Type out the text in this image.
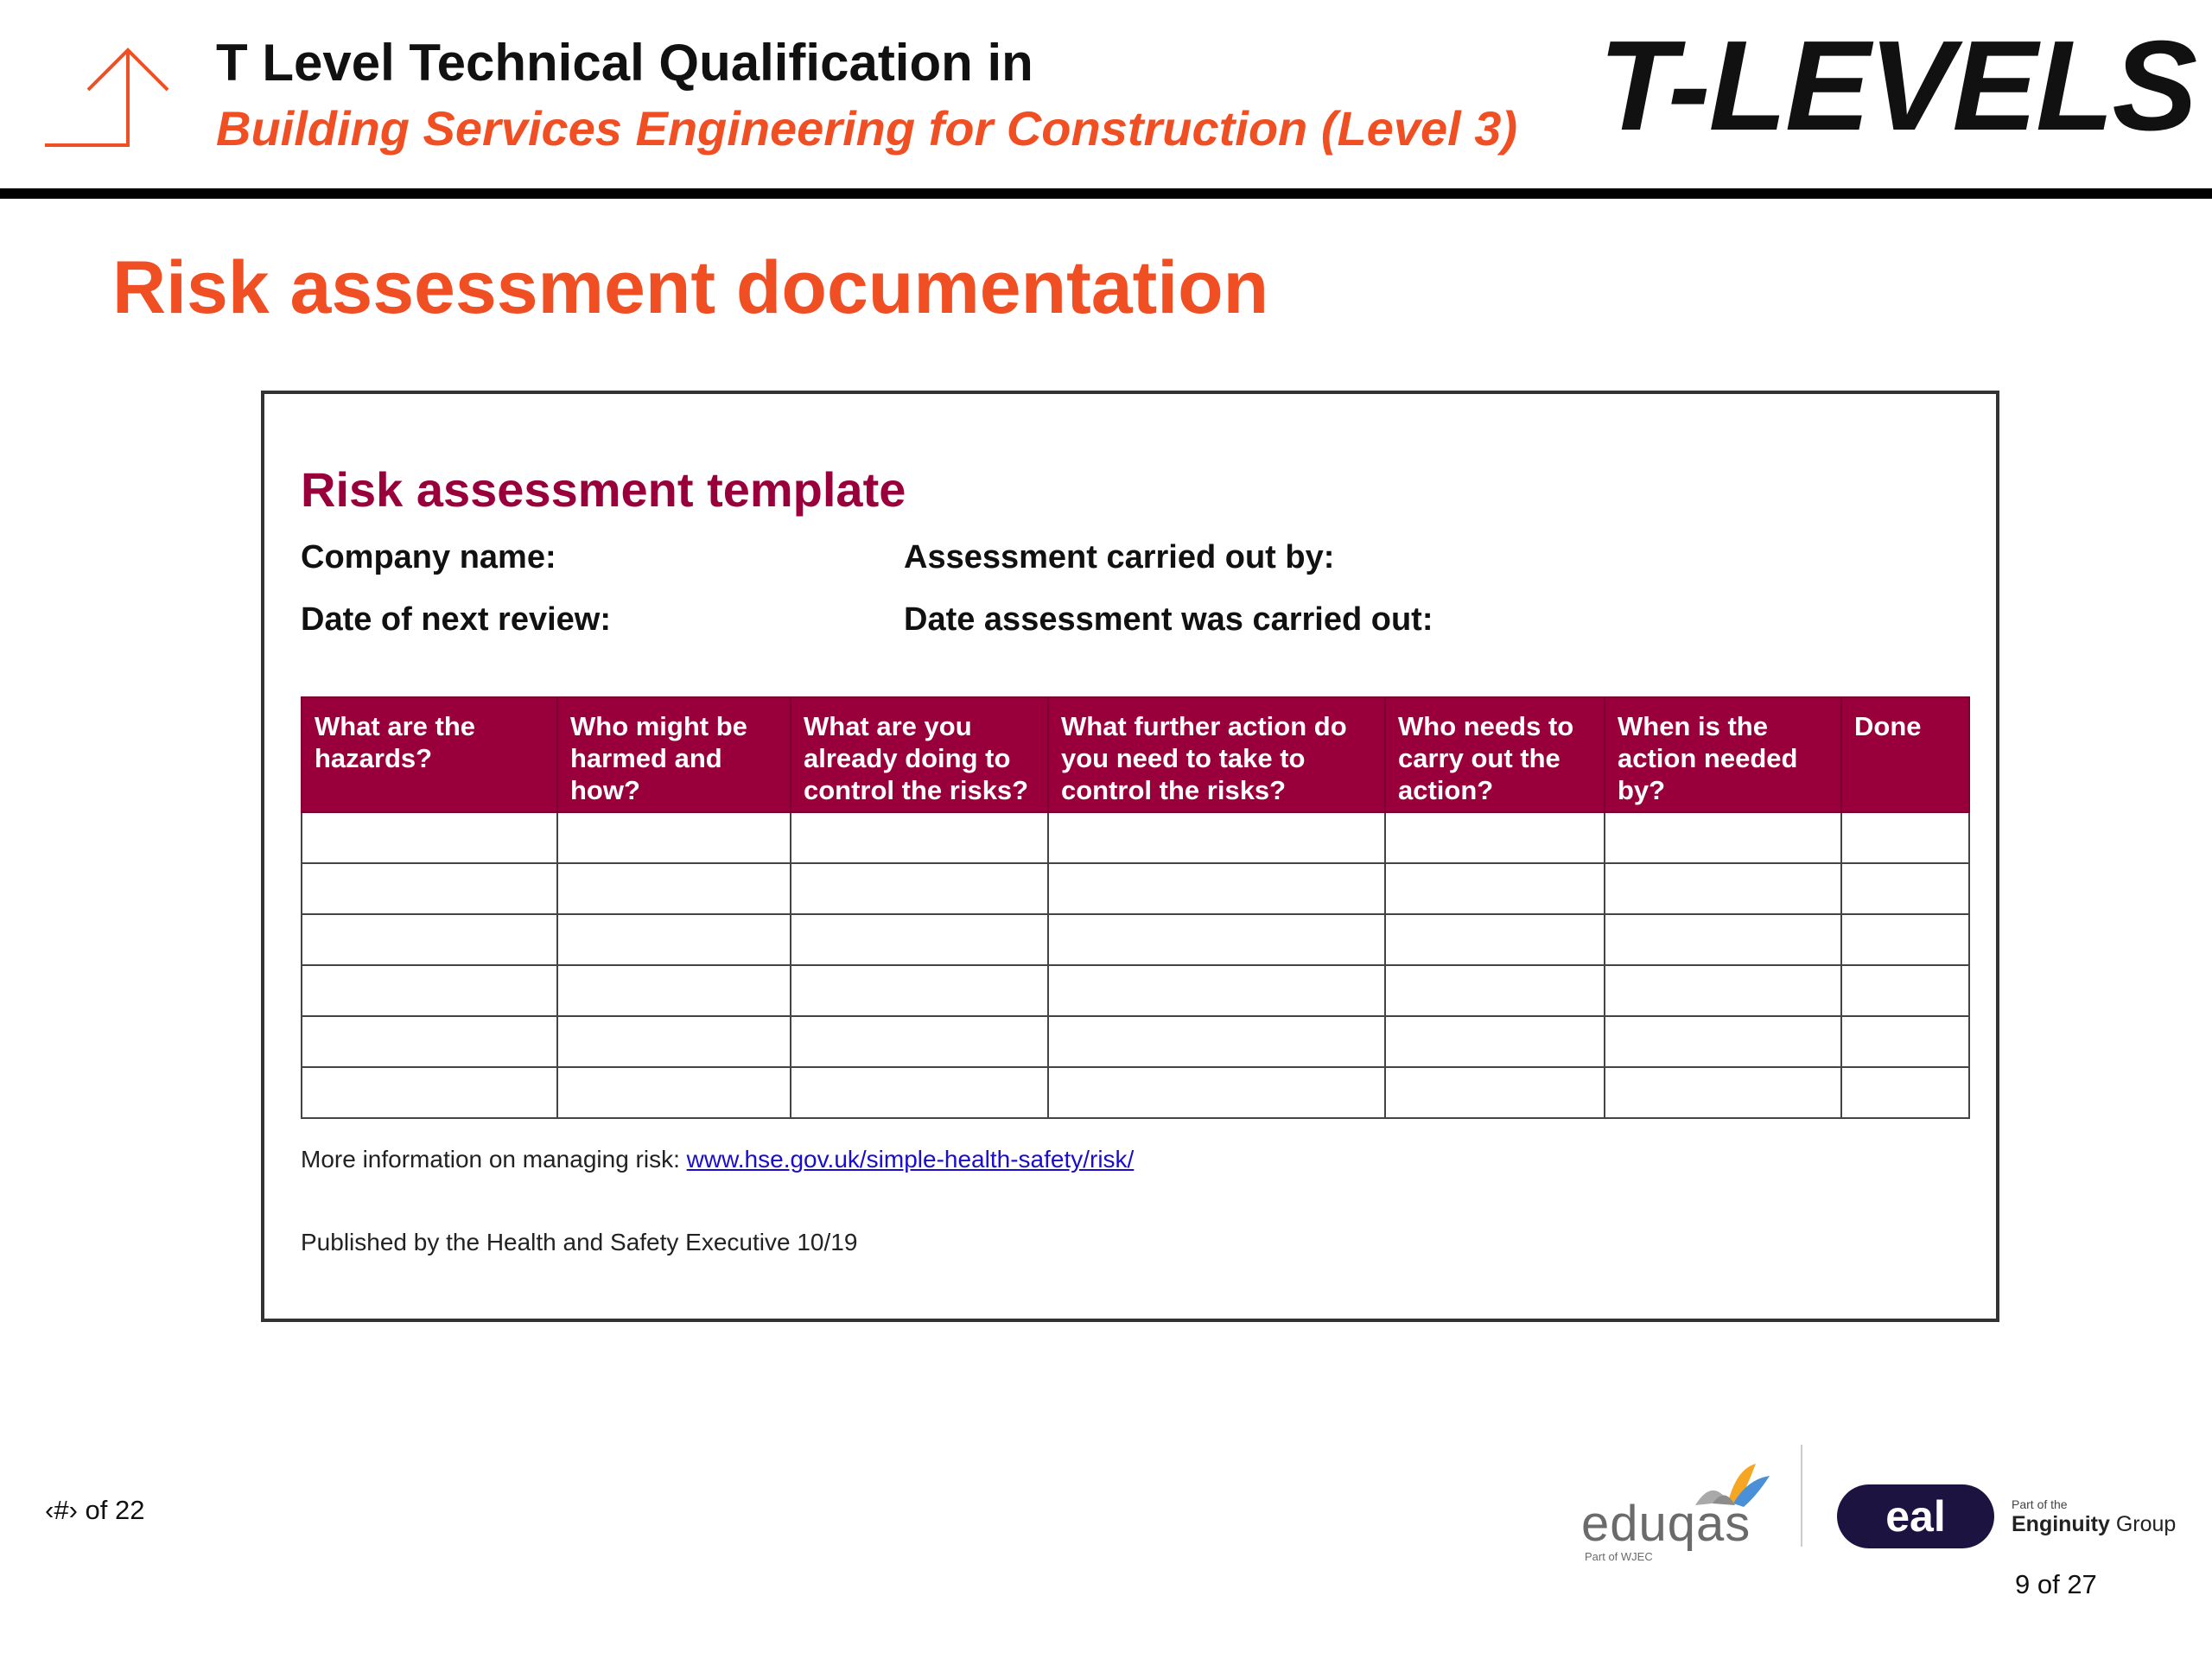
T Level Technical Qualification in
Building Services Engineering for Construction (Level 3) T-LEVELS
Risk assessment documentation
Risk assessment template
Company name:	Assessment carried out by:
Date of next review:	Date assessment was carried out:
What are the hazards?	Who might be harmed and how?	What are you already doing to control the risks?	What further action do you need to take to control the risks?	Who needs to carry out the action?	When is the action needed by?	Done

More information on managing risk: www.hse.gov.uk/simple-health-safety/risk/
Published by the Health and Safety Executive 10/19
‹#› of 22	eduqas
Part of WJEC
eal	Part of the
Enginuity Group
9 of 27
